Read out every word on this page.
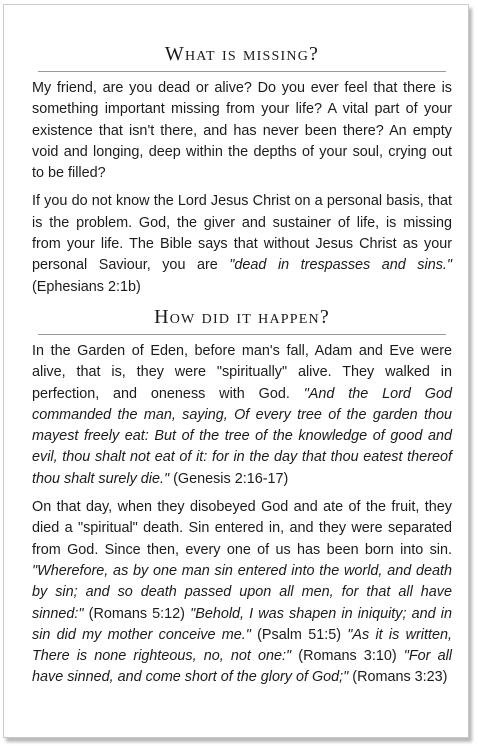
What is missing?

My friend, are you dead or alive? Do you ever feel that there is something important missing from your life? A vital part of your existence that isn't there, and has never been there? An empty void and longing, deep within the depths of your soul, crying out to be filled?

If you do not know the Lord Jesus Christ on a personal basis, that is the problem. God, the giver and sustainer of life, is missing from your life. The Bible says that without Jesus Christ as your personal Saviour, you are "dead in trespasses and sins." (Ephesians 2:1b)

How did it happen?

In the Garden of Eden, before man's fall, Adam and Eve were alive, that is, they were "spiritually" alive. They walked in perfection, and oneness with God. "And the Lord God commanded the man, saying, Of every tree of the garden thou mayest freely eat: But of the tree of the knowledge of good and evil, thou shalt not eat of it: for in the day that thou eatest thereof thou shalt surely die." (Genesis 2:16-17)

On that day, when they disobeyed God and ate of the fruit, they died a "spiritual" death. Sin entered in, and they were separated from God. Since then, every one of us has been born into sin. "Wherefore, as by one man sin entered into the world, and death by sin; and so death passed upon all men, for that all have sinned:" (Romans 5:12) "Behold, I was shapen in iniquity; and in sin did my mother conceive me." (Psalm 51:5) "As it is written, There is none righteous, no, not one:" (Romans 3:10) "For all have sinned, and come short of the glory of God;" (Romans 3:23)
